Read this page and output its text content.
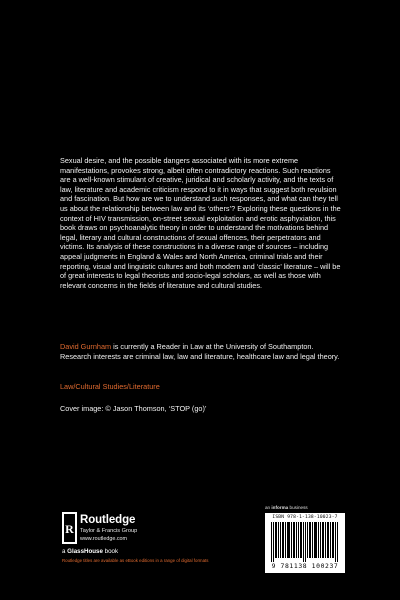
Sexual desire, and the possible dangers associated with its more extreme manifestations, provokes strong, albeit often contradictory reactions. Such reactions are a well-known stimulant of creative, juridical and scholarly activity, and the texts of law, literature and academic criticism respond to it in ways that suggest both revulsion and fascination. But how are we to understand such responses, and what can they tell us about the relationship between law and its ‘others’? Exploring these questions in the context of HIV transmission, on-street sexual exploitation and erotic asphyxiation, this book draws on psychoanalytic theory in order to understand the motivations behind legal, literary and cultural constructions of sexual offences, their perpetrators and victims. Its analysis of these constructions in a diverse range of sources – including appeal judgments in England & Wales and North America, criminal trials and their reporting, visual and linguistic cultures and both modern and ‘classic’ literature – will be of great interests to legal theorists and socio-legal scholars, as well as those with relevant concerns in the fields of literature and cultural studies.

David Gurnham is currently a Reader in Law at the University of Southampton. Research interests are criminal law, law and literature, healthcare law and legal theory.

Law/Cultural Studies/Literature

Cover image: © Jason Thomson, ‘STOP (go)’

an informa business
ISBN 978-1-138-10023-7
9 781138 100237
R
Routledge
Taylor & Francis Group
www.routledge.com
a GlassHouse book
Routledge titles are available as eBook editions in a range of digital formats
